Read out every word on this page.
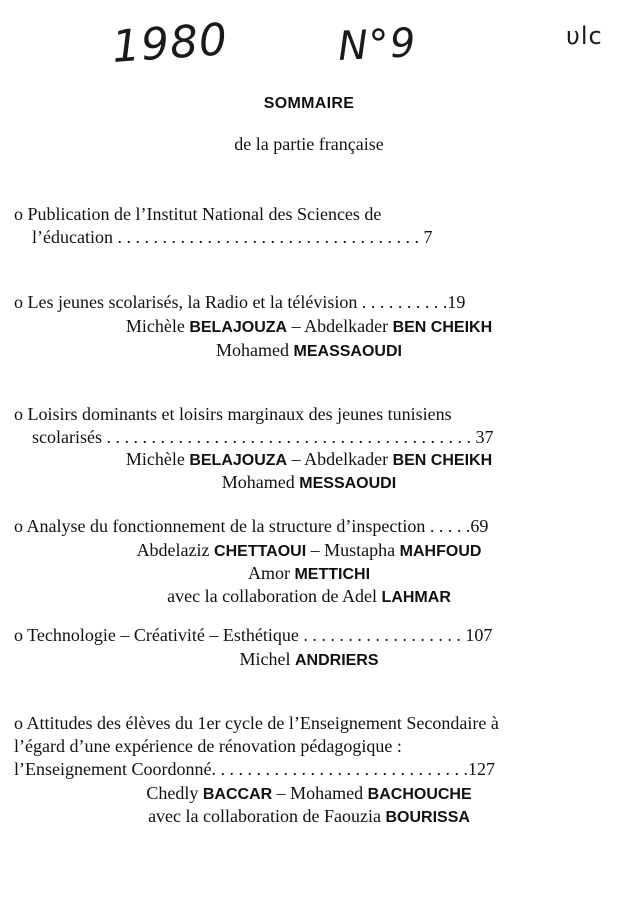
1980	N°9	υlc
SOMMAIRE
de la partie française
o Publication de l’Institut National des Sciences de
l’éducation . . . . . . . . . . . . . . . . . . . . . . . . . . . . . . . . . . 7
o Les jeunes scolarisés, la Radio et la télévision . . . . . . . . . .19
Michèle BELAJOUZA – Abdelkader BEN CHEIKH
Mohamed MEASSAOUDI
o Loisirs dominants et loisirs marginaux des jeunes tunisiens
scolarisés . . . . . . . . . . . . . . . . . . . . . . . . . . . . . . . . . . . . . . . . . 37
Michèle BELAJOUZA – Abdelkader BEN CHEIKH
Mohamed MESSAOUDI
o Analyse du fonctionnement de la structure d’inspection . . . . .69
Abdelaziz CHETTAOUI – Mustapha MAHFOUD
Amor METTICHI
avec la collaboration de Adel LAHMAR
o Technologie – Créativité – Esthétique . . . . . . . . . . . . . . . . . . 107
Michel ANDRIERS
o Attitudes des élèves du 1er cycle de l’Enseignement Secondaire à
l’égard d’une expérience de rénovation pédagogique :
l’Enseignement Coordonné. . . . . . . . . . . . . . . . . . . . . . . . . . . . .127
Chedly BACCAR – Mohamed BACHOUCHE
avec la collaboration de Faouzia BOURISSA
